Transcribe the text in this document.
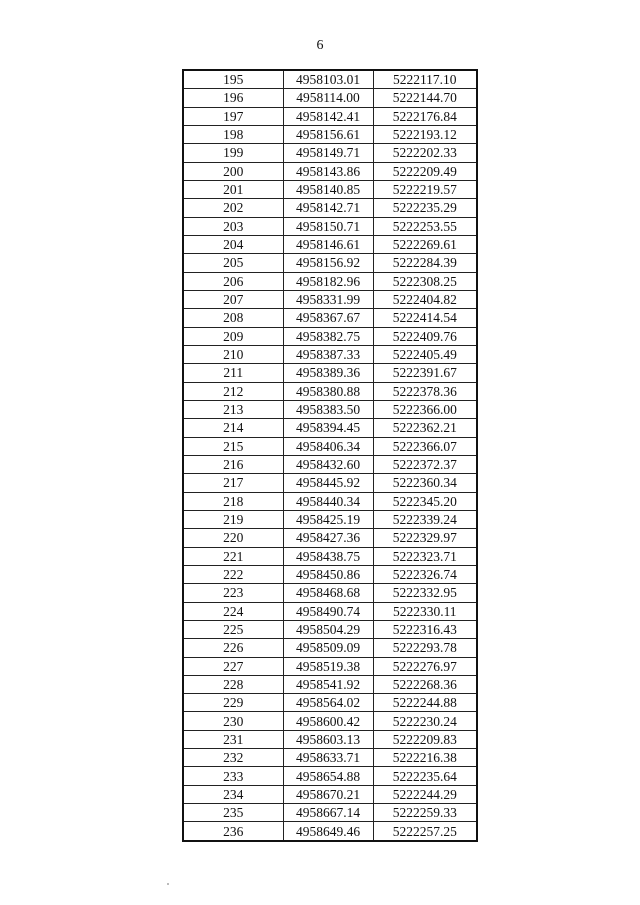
6
195	4958103.01	5222117.10
196	4958114.00	5222144.70
197	4958142.41	5222176.84
198	4958156.61	5222193.12
199	4958149.71	5222202.33
200	4958143.86	5222209.49
201	4958140.85	5222219.57
202	4958142.71	5222235.29
203	4958150.71	5222253.55
204	4958146.61	5222269.61
205	4958156.92	5222284.39
206	4958182.96	5222308.25
207	4958331.99	5222404.82
208	4958367.67	5222414.54
209	4958382.75	5222409.76
210	4958387.33	5222405.49
211	4958389.36	5222391.67
212	4958380.88	5222378.36
213	4958383.50	5222366.00
214	4958394.45	5222362.21
215	4958406.34	5222366.07
216	4958432.60	5222372.37
217	4958445.92	5222360.34
218	4958440.34	5222345.20
219	4958425.19	5222339.24
220	4958427.36	5222329.97
221	4958438.75	5222323.71
222	4958450.86	5222326.74
223	4958468.68	5222332.95
224	4958490.74	5222330.11
225	4958504.29	5222316.43
226	4958509.09	5222293.78
227	4958519.38	5222276.97
228	4958541.92	5222268.36
229	4958564.02	5222244.88
230	4958600.42	5222230.24
231	4958603.13	5222209.83
232	4958633.71	5222216.38
233	4958654.88	5222235.64
234	4958670.21	5222244.29
235	4958667.14	5222259.33
236	4958649.46	5222257.25
